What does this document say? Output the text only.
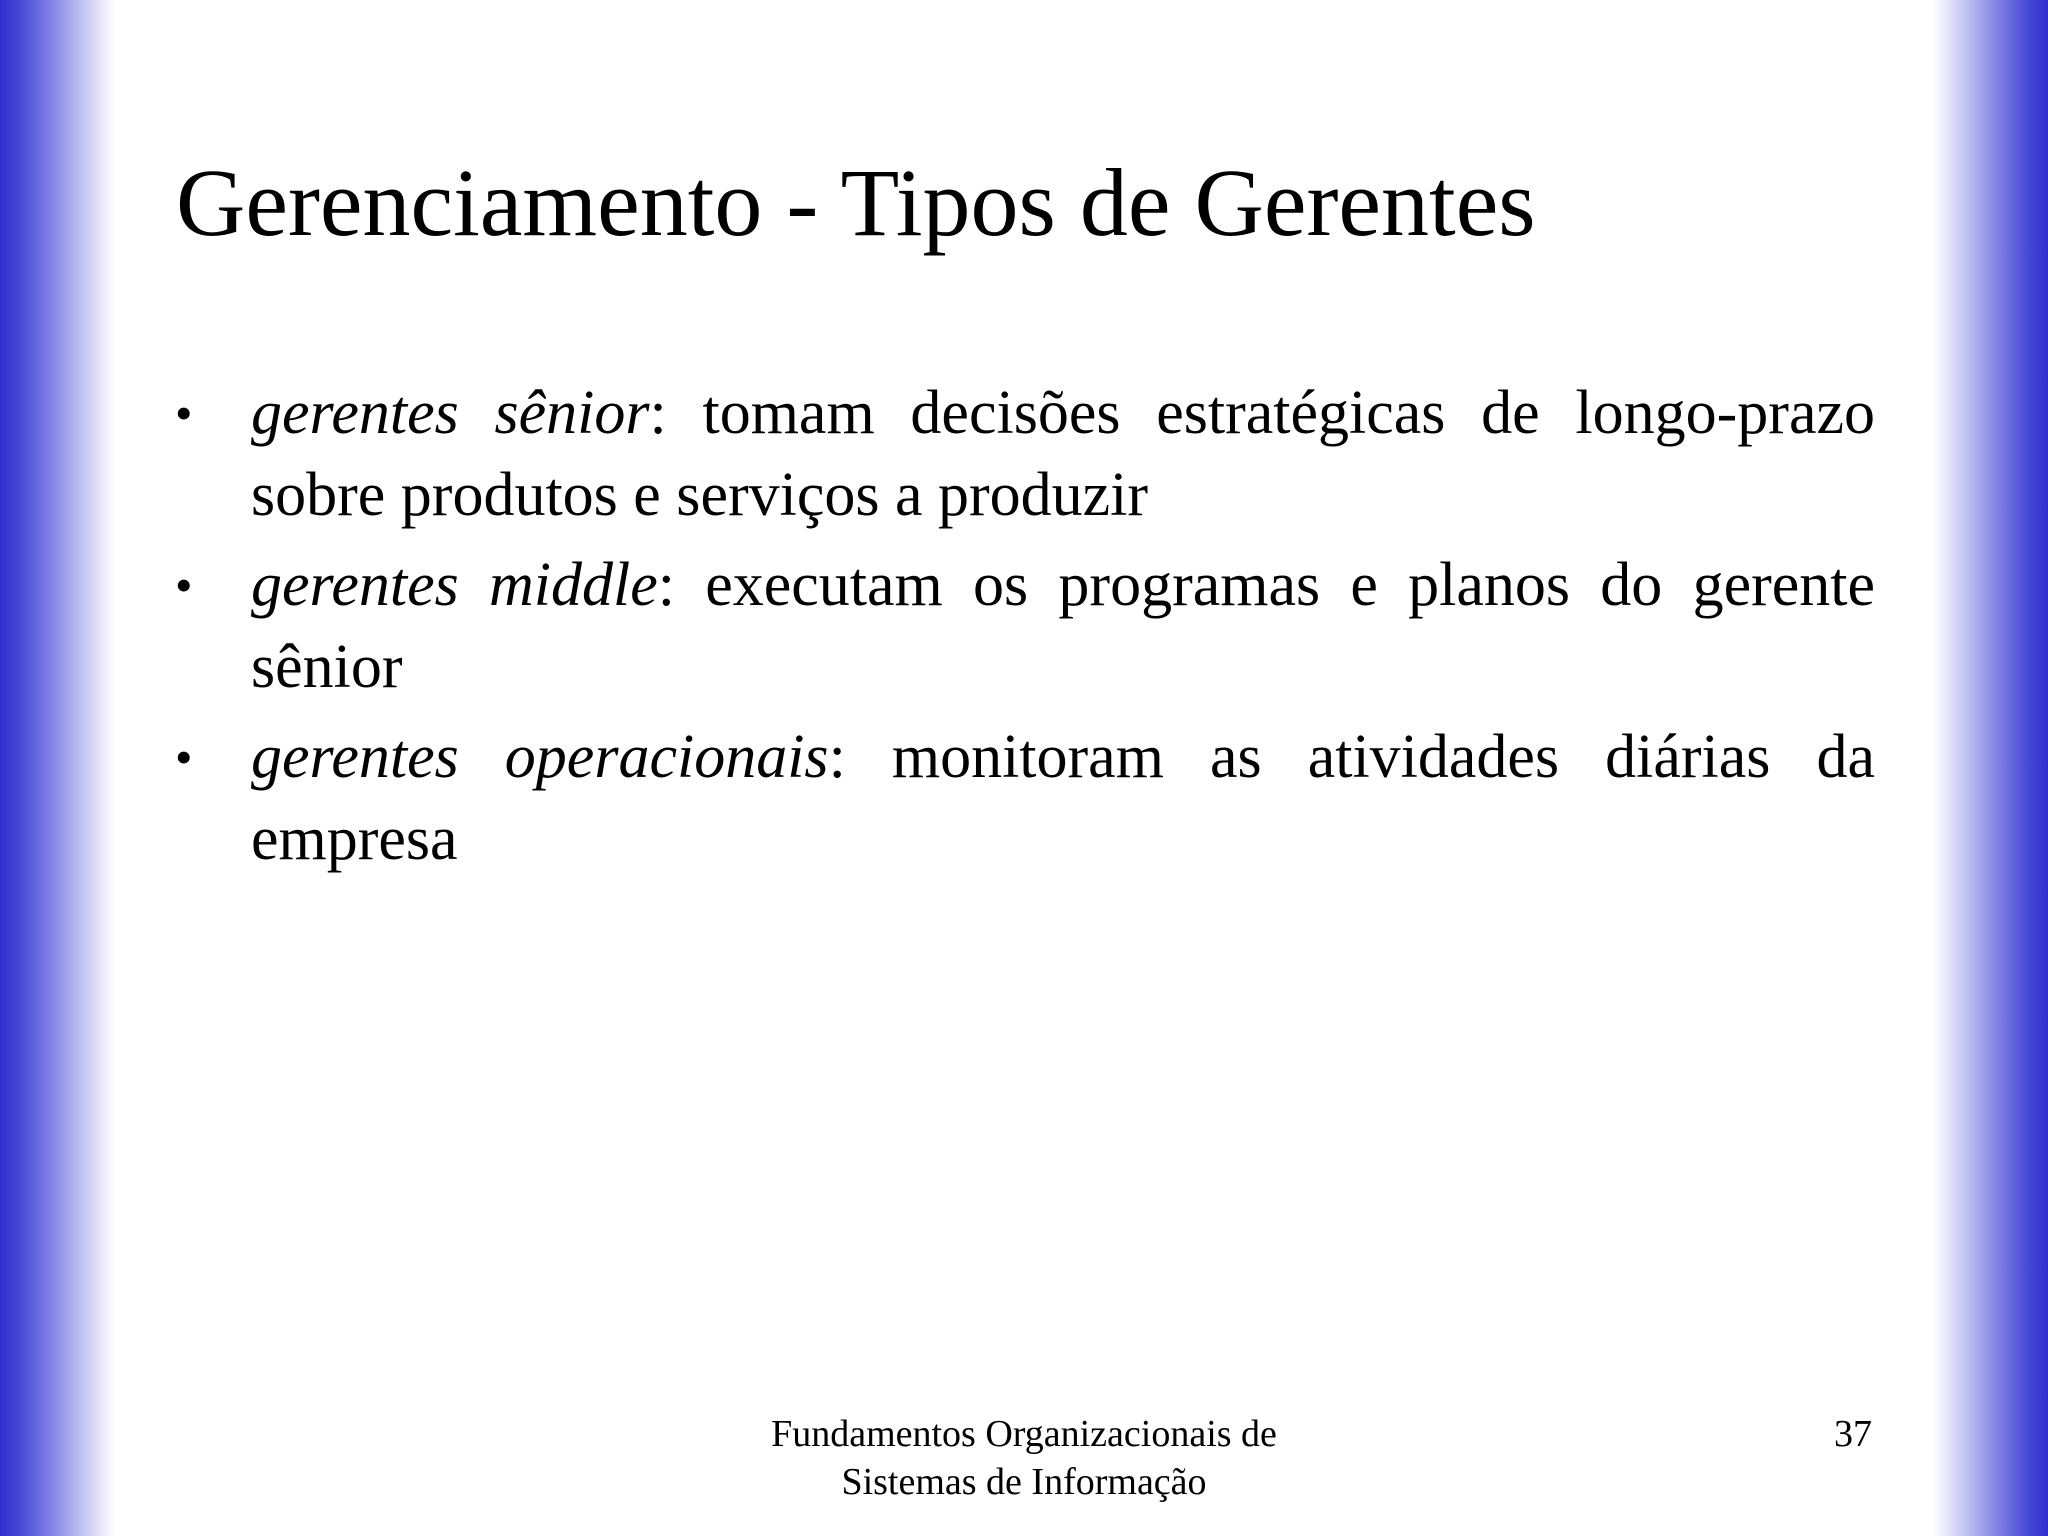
Gerenciamento - Tipos de Gerentes
• gerentes sênior: tomam decisões estratégicas de longo-prazo sobre produtos e serviços a produzir
• gerentes middle: executam os programas e planos do gerente sênior
• gerentes operacionais: monitoram as atividades diárias da empresa
Fundamentos Organizacionais de
Sistemas de Informação
37
